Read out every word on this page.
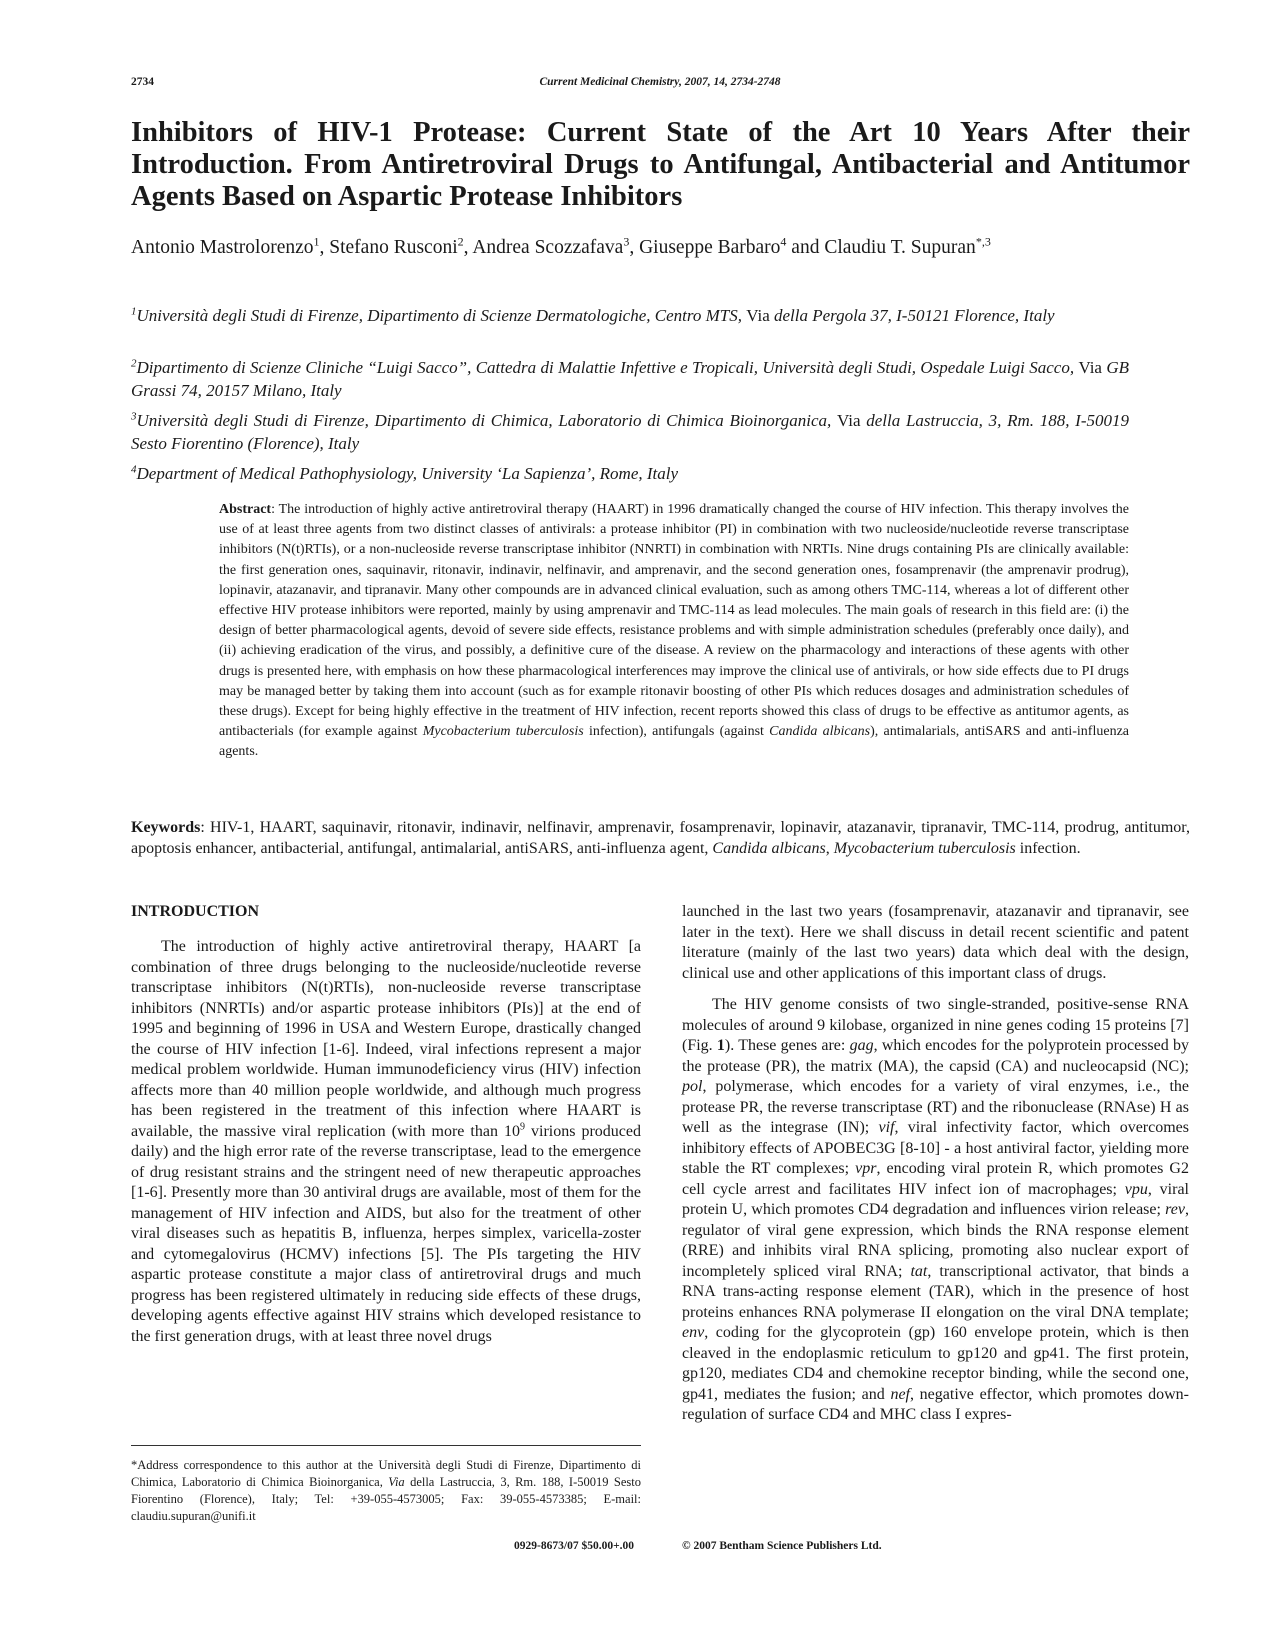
2734	Current Medicinal Chemistry, 2007, 14, 2734-2748
Inhibitors of HIV-1 Protease: Current State of the Art 10 Years After their Introduction. From Antiretroviral Drugs to Antifungal, Antibacterial and Antitumor Agents Based on Aspartic Protease Inhibitors
Antonio Mastrolorenzo$^1$, Stefano Rusconi$^2$, Andrea Scozzafava$^3$, Giuseppe Barbaro$^4$ and Claudiu T. Supuran$^{*,3}$
$^1$Università degli Studi di Firenze, Dipartimento di Scienze Dermatologiche, Centro MTS, Via della Pergola 37, I-50121 Florence, Italy
$^2$Dipartimento di Scienze Cliniche “Luigi Sacco”, Cattedra di Malattie Infettive e Tropicali, Università degli Studi, Ospedale Luigi Sacco, Via GB Grassi 74, 20157 Milano, Italy
$^3$Università degli Studi di Firenze, Dipartimento di Chimica, Laboratorio di Chimica Bioinorganica, Via della Lastruccia, 3, Rm. 188, I-50019 Sesto Fiorentino (Florence), Italy
$^4$Department of Medical Pathophysiology, University ‘La Sapienza’, Rome, Italy
Abstract: The introduction of highly active antiretroviral therapy (HAART) in 1996 dramatically changed the course of HIV infection. This therapy involves the use of at least three agents from two distinct classes of antivirals: a protease inhibitor (PI) in combination with two nucleoside/nucleotide reverse transcriptase inhibitors (N(t)RTIs), or a non-nucleoside reverse transcriptase inhibitor (NNRTI) in combination with NRTIs. Nine drugs containing PIs are clinically available: the first generation ones, saquinavir, ritonavir, indinavir, nelfinavir, and amprenavir, and the second generation ones, fosamprenavir (the amprenavir prodrug), lopinavir, atazanavir, and tipranavir. Many other compounds are in advanced clinical evaluation, such as among others TMC-114, whereas a lot of different other effective HIV protease inhibitors were reported, mainly by using amprenavir and TMC-114 as lead molecules. The main goals of research in this field are: (i) the design of better pharmacological agents, devoid of severe side effects, resistance problems and with simple administration schedules (preferably once daily), and (ii) achieving eradication of the virus, and possibly, a definitive cure of the disease. A review on the pharmacology and interactions of these agents with other drugs is presented here, with emphasis on how these pharmacological interferences may improve the clinical use of antivirals, or how side effects due to PI drugs may be managed better by taking them into account (such as for example ritonavir boosting of other PIs which reduces dosages and administration schedules of these drugs). Except for being highly effective in the treatment of HIV infection, recent reports showed this class of drugs to be effective as antitumor agents, as antibacterials (for example against Mycobacterium tuberculosis infection), antifungals (against Candida albicans), antimalarials, antiSARS and anti-influenza agents.
Keywords: HIV-1, HAART, saquinavir, ritonavir, indinavir, nelfinavir, amprenavir, fosamprenavir, lopinavir, atazanavir, tipranavir, TMC-114, prodrug, antitumor, apoptosis enhancer, antibacterial, antifungal, antimalarial, antiSARS, anti-influenza agent, Candida albicans, Mycobacterium tuberculosis infection.
INTRODUCTION

The introduction of highly active antiretroviral therapy, HAART [a combination of three drugs belonging to the nucleoside/nucleotide reverse transcriptase inhibitors (N(t)RTIs), non-nucleoside reverse transcriptase inhibitors (NNRTIs) and/or aspartic protease inhibitors (PIs)] at the end of 1995 and beginning of 1996 in USA and Western Europe, drastically changed the course of HIV infection [1-6]. Indeed, viral infections represent a major medical problem worldwide. Human immunodeficiency virus (HIV) infection affects more than 40 million people worldwide, and although much progress has been registered in the treatment of this infection where HAART is available, the massive viral replication (with more than $10^9$ virions produced daily) and the high error rate of the reverse transcriptase, lead to the emergence of drug resistant strains and the stringent need of new therapeutic approaches [1-6]. Presently more than 30 antiviral drugs are available, most of them for the management of HIV infection and AIDS, but also for the treatment of other viral diseases such as hepatitis B, influenza, herpes simplex, varicella-zoster and cytomegalovirus (HCMV) infections [5]. The PIs targeting the HIV aspartic protease constitute a major class of antiretroviral drugs and much progress has been registered ultimately in reducing side effects of these drugs, developing agents effective against HIV strains which developed resistance to the first generation drugs, with at least three novel drugs

launched in the last two years (fosamprenavir, atazanavir and tipranavir, see later in the text). Here we shall discuss in detail recent scientific and patent literature (mainly of the last two years) data which deal with the design, clinical use and other applications of this important class of drugs.

The HIV genome consists of two single-stranded, positive-sense RNA molecules of around 9 kilobase, organized in nine genes coding 15 proteins [7] (Fig. 1). These genes are: gag, which encodes for the polyprotein processed by the protease (PR), the matrix (MA), the capsid (CA) and nucleocapsid (NC); pol, polymerase, which encodes for a variety of viral enzymes, i.e., the protease PR, the reverse transcriptase (RT) and the ribonuclease (RNAse) H as well as the integrase (IN); vif, viral infectivity factor, which overcomes inhibitory effects of APOBEC3G [8-10] - a host antiviral factor, yielding more stable the RT complexes; vpr, encoding viral protein R, which promotes G2 cell cycle arrest and facilitates HIV infect ion of macrophages; vpu, viral protein U, which promotes CD4 degradation and influences virion release; rev, regulator of viral gene expression, which binds the RNA response element (RRE) and inhibits viral RNA splicing, promoting also nuclear export of incompletely spliced viral RNA; tat, transcriptional activator, that binds a RNA trans-acting response element (TAR), which in the presence of host proteins enhances RNA polymerase II elongation on the viral DNA template; env, coding for the glycoprotein (gp) 160 envelope protein, which is then cleaved in the endoplasmic reticulum to gp120 and gp41. The first protein, gp120, mediates CD4 and chemokine receptor binding, while the second one, gp41, mediates the fusion; and nef, negative effector, which promotes down-regulation of surface CD4 and MHC class I expres-

*Address correspondence to this author at the Università degli Studi di Firenze, Dipartimento di Chimica, Laboratorio di Chimica Bioinorganica, Via della Lastruccia, 3, Rm. 188, I-50019 Sesto Fiorentino (Florence), Italy; Tel: +39-055-4573005; Fax: 39-055-4573385; E-mail: claudiu.supuran@unifi.it
0929-8673/07 $50.00+.00	© 2007 Bentham Science Publishers Ltd.
